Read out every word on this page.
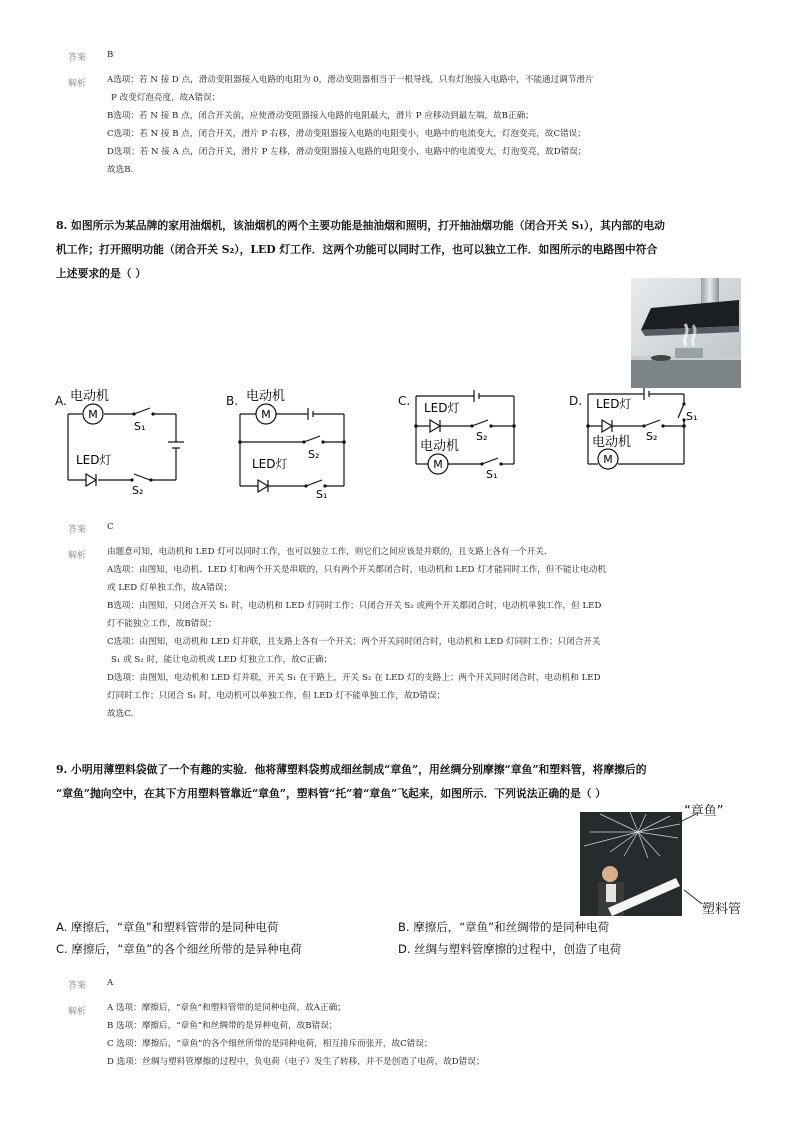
答案 B
解析 A选项：若 N 接 D 点，滑动变阻器接入电路的电阻为 0，滑动变阻器相当于一根导线，只有灯泡接入电路中，不能通过调节滑片
P 改变灯泡亮度，故A错误；
B选项：若 N 接 B 点，闭合开关前，应使滑动变阻器接入电路的电阻最大，滑片 P 应移动到最左端，故B正确；
C选项：若 N 接 B 点，闭合开关，滑片 P 右移，滑动变阻器接入电路的电阻变小，电路中的电流变大，灯泡变亮，故C错误；
D选项：若 N 接 A 点，闭合开关，滑片 P 左移，滑动变阻器接入电路的电阻变小，电路中的电流变大，灯泡变亮，故D错误；
故选B.
8. 如图所示为某品牌的家用油烟机，该油烟机的两个主要功能是抽油烟和照明，打开抽油烟功能（闭合开关 S₁），其内部的电动
机工作；打开照明功能（闭合开关 S₂），LED 灯工作．这两个功能可以同时工作，也可以独立工作．如图所示的电路图中符合
上述要求的是（ ）
A.	B.	C.	D.
M
电动机
S₁
LED灯
S₂
M
电动机
S₂
LED灯
S₁
LED灯
S₂
电动机
M
S₁
LED灯
S₁
S₂
电动机
M
答案 C
解析 由题意可知，电动机和 LED 灯可以同时工作，也可以独立工作，则它们之间应该是并联的，且支路上各有一个开关．
A选项：由图知，电动机、LED 灯和两个开关是串联的，只有两个开关都闭合时，电动机和 LED 灯才能同时工作，但不能让电动机
或 LED 灯单独工作，故A错误；
B选项：由图知，只闭合开关 S₁ 时，电动机和 LED 灯同时工作；只闭合开关 S₂ 或两个开关都闭合时，电动机单独工作，但 LED
灯不能独立工作，故B错误；
C选项：由图知，电动机和 LED 灯并联，且支路上各有一个开关；两个开关同时闭合时，电动机和 LED 灯同时工作；只闭合开关
S₁ 或 S₂ 时，能让电动机或 LED 灯独立工作，故C正确；
D选项：由图知，电动机和 LED 灯并联，开关 S₁ 在干路上，开关 S₂ 在 LED 灯的支路上；两个开关同时闭合时，电动机和 LED
灯同时工作；只闭合 S₁ 时，电动机可以单独工作，但 LED 灯不能单独工作，故D错误；
故选C.
9. 小明用薄塑料袋做了一个有趣的实验．他将薄塑料袋剪成细丝制成“章鱼”，用丝绸分别摩擦“章鱼”和塑料管，将摩擦后的
“章鱼”抛向空中，在其下方用塑料管靠近“章鱼”，塑料管“托”着“章鱼”飞起来，如图所示．下列说法正确的是（ ）
“章鱼”
塑料管
A. 摩擦后，“章鱼”和塑料管带的是同种电荷	B. 摩擦后，“章鱼”和丝绸带的是同种电荷
C. 摩擦后，“章鱼”的各个细丝所带的是异种电荷	D. 丝绸与塑料管摩擦的过程中，创造了电荷
答案 A
解析 A 选项：摩擦后，“章鱼”和塑料管带的是同种电荷，故A正确；
B 选项：摩擦后，“章鱼”和丝绸带的是异种电荷，故B错误；
C 选项：摩擦后，“章鱼”的各个细丝所带的是同种电荷，相互排斥而张开，故C错误；
D 选项：丝绸与塑料管摩擦的过程中，负电荷（电子）发生了转移，并不是创造了电荷，故D错误；
